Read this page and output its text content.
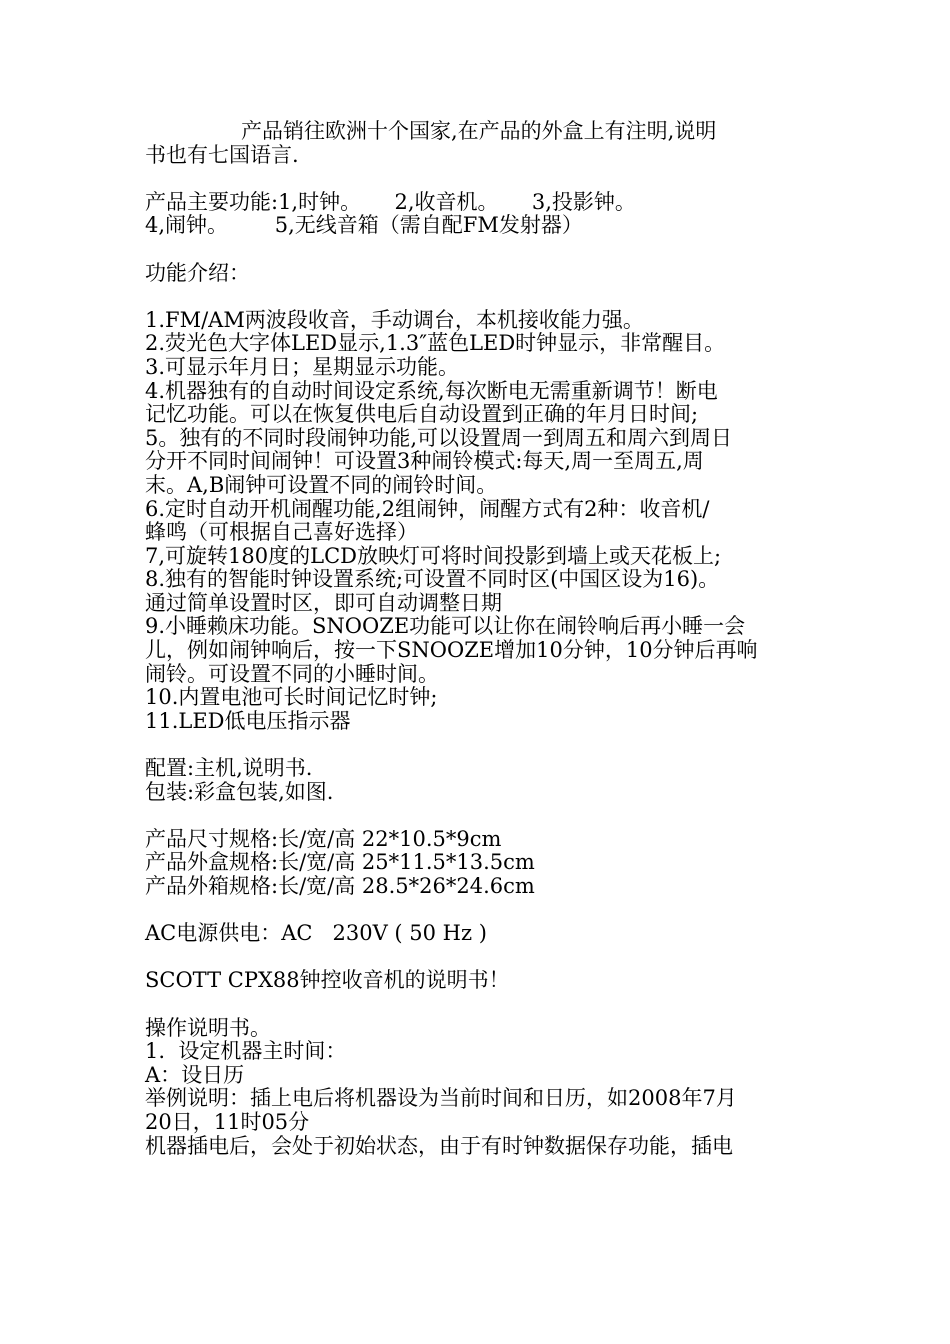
产品销往欧洲十个国家,在产品的外盒上有注明,说明
书也有七国语言.
产品主要功能:1,时钟。     2,收音机。     3,投影钟。
4,闹钟。       5,无线音箱（需自配FM发射器）
功能介绍：
1.FM/AM两波段收音，手动调台，本机接收能力强。
2.荧光色大字体LED显示,1.3″蓝色LED时钟显示，非常醒目。
3.可显示年月日；星期显示功能。
4.机器独有的自动时间设定系统,每次断电无需重新调节！断电
记忆功能。可以在恢复供电后自动设置到正确的年月日时间;
5。独有的不同时段闹钟功能,可以设置周一到周五和周六到周日
分开不同时间闹钟！可设置3种闹铃模式:每天,周一至周五,周
末。A,B闹钟可设置不同的闹铃时间。
6.定时自动开机闹醒功能,2组闹钟，闹醒方式有2种：收音机/
蜂鸣（可根据自己喜好选择）
7,可旋转180度的LCD放映灯可将时间投影到墙上或天花板上;
8.独有的智能时钟设置系统;可设置不同时区(中国区设为16)。
通过简单设置时区，即可自动调整日期
9.小睡赖床功能。SNOOZE功能可以让你在闹铃响后再小睡一会
儿，例如闹钟响后，按一下SNOOZE增加10分钟，10分钟后再响
闹铃。可设置不同的小睡时间。
10.内置电池可长时间记忆时钟;
11.LED低电压指示器
配置:主机,说明书.
包装:彩盒包装,如图.
产品尺寸规格:长/宽/高 22*10.5*9cm
产品外盒规格:长/宽/高 25*11.5*13.5cm
产品外箱规格:长/宽/高 28.5*26*24.6cm
AC电源供电：AC   230V ( 50 Hz )
SCOTT CPX88钟控收音机的说明书！
操作说明书。
1.  设定机器主时间：
A：设日历
举例说明：插上电后将机器设为当前时间和日历，如2008年7月
20日，11时05分
机器插电后，会处于初始状态，由于有时钟数据保存功能，插电
